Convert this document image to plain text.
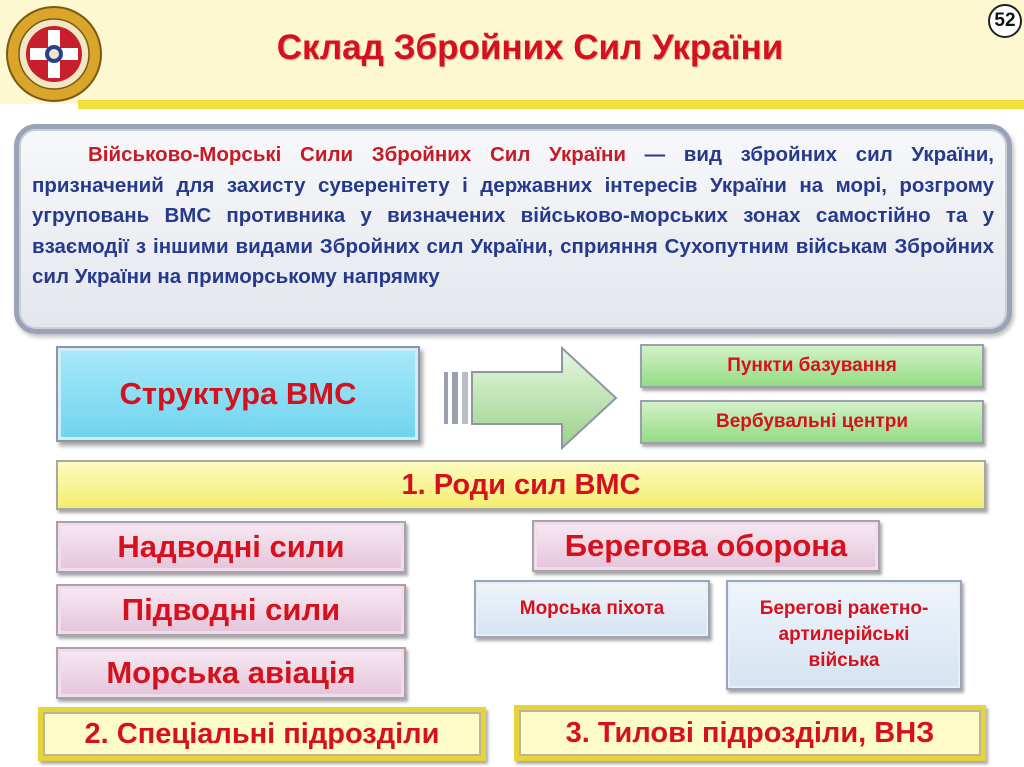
Склад Збройних Сил України
52
Військово-Морські Сили Збройних Сил України — вид збройних сил України, призначений для захисту суверенітету і державних інтересів України на морі, розгрому угруповань ВМС противника у визначених військово-морських зонах самостійно та у взаємодії з іншими видами Збройних сил України, сприяння Сухопутним військам Збройних сил України на приморському напрямку
Структура ВМС
Пункти базування
Вербувальні центри
1. Роди сил ВМС
Надводні сили
Підводні сили
Морська авіація
Берегова оборона
Морська піхота	Берегові ракетно-артилерійські війська
2. Спеціальні підрозділи	3. Тилові підрозділи, ВНЗ
